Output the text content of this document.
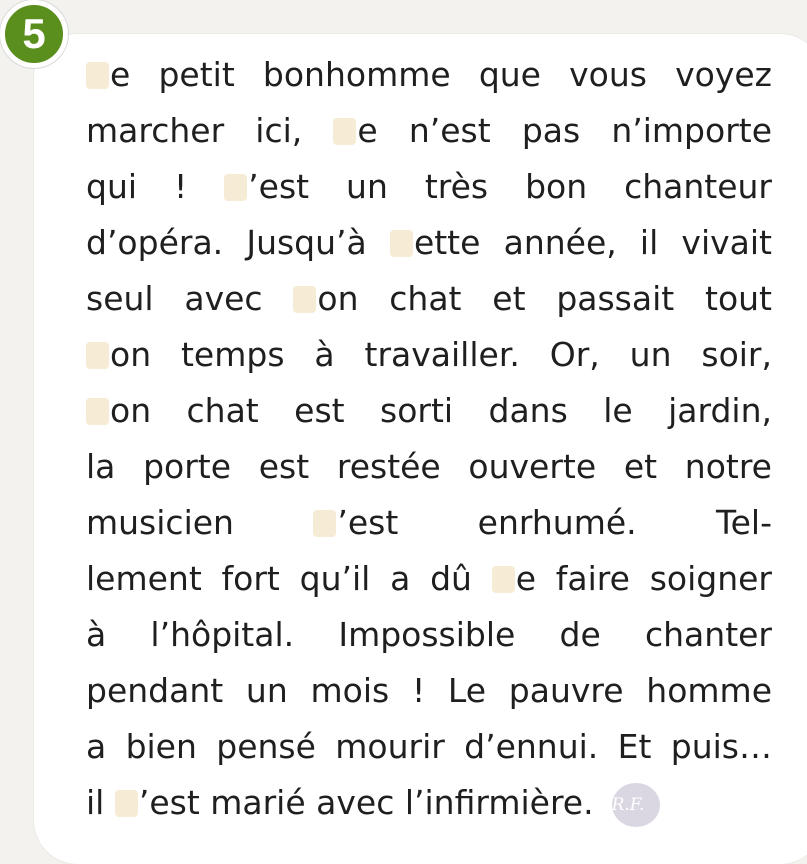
5
e petit bonhomme que vous voyez
marcher ici, e n’est pas n’importe
qui ! ’est un très bon chanteur
d’opéra. Jusqu’à ette année, il vivait
seul avec on chat et passait tout
on temps à travailler. Or, un soir,
on chat est sorti dans le jardin,
la porte est restée ouverte et notre
musicien ’est enrhumé. Tel-
lement fort qu’il a dû e faire soigner
à l’hôpital. Impossible de chanter
pendant un mois ! Le pauvre homme
a bien pensé mourir d’ennui. Et puis…
il ’est marié avec l’infirmière. R.F.
